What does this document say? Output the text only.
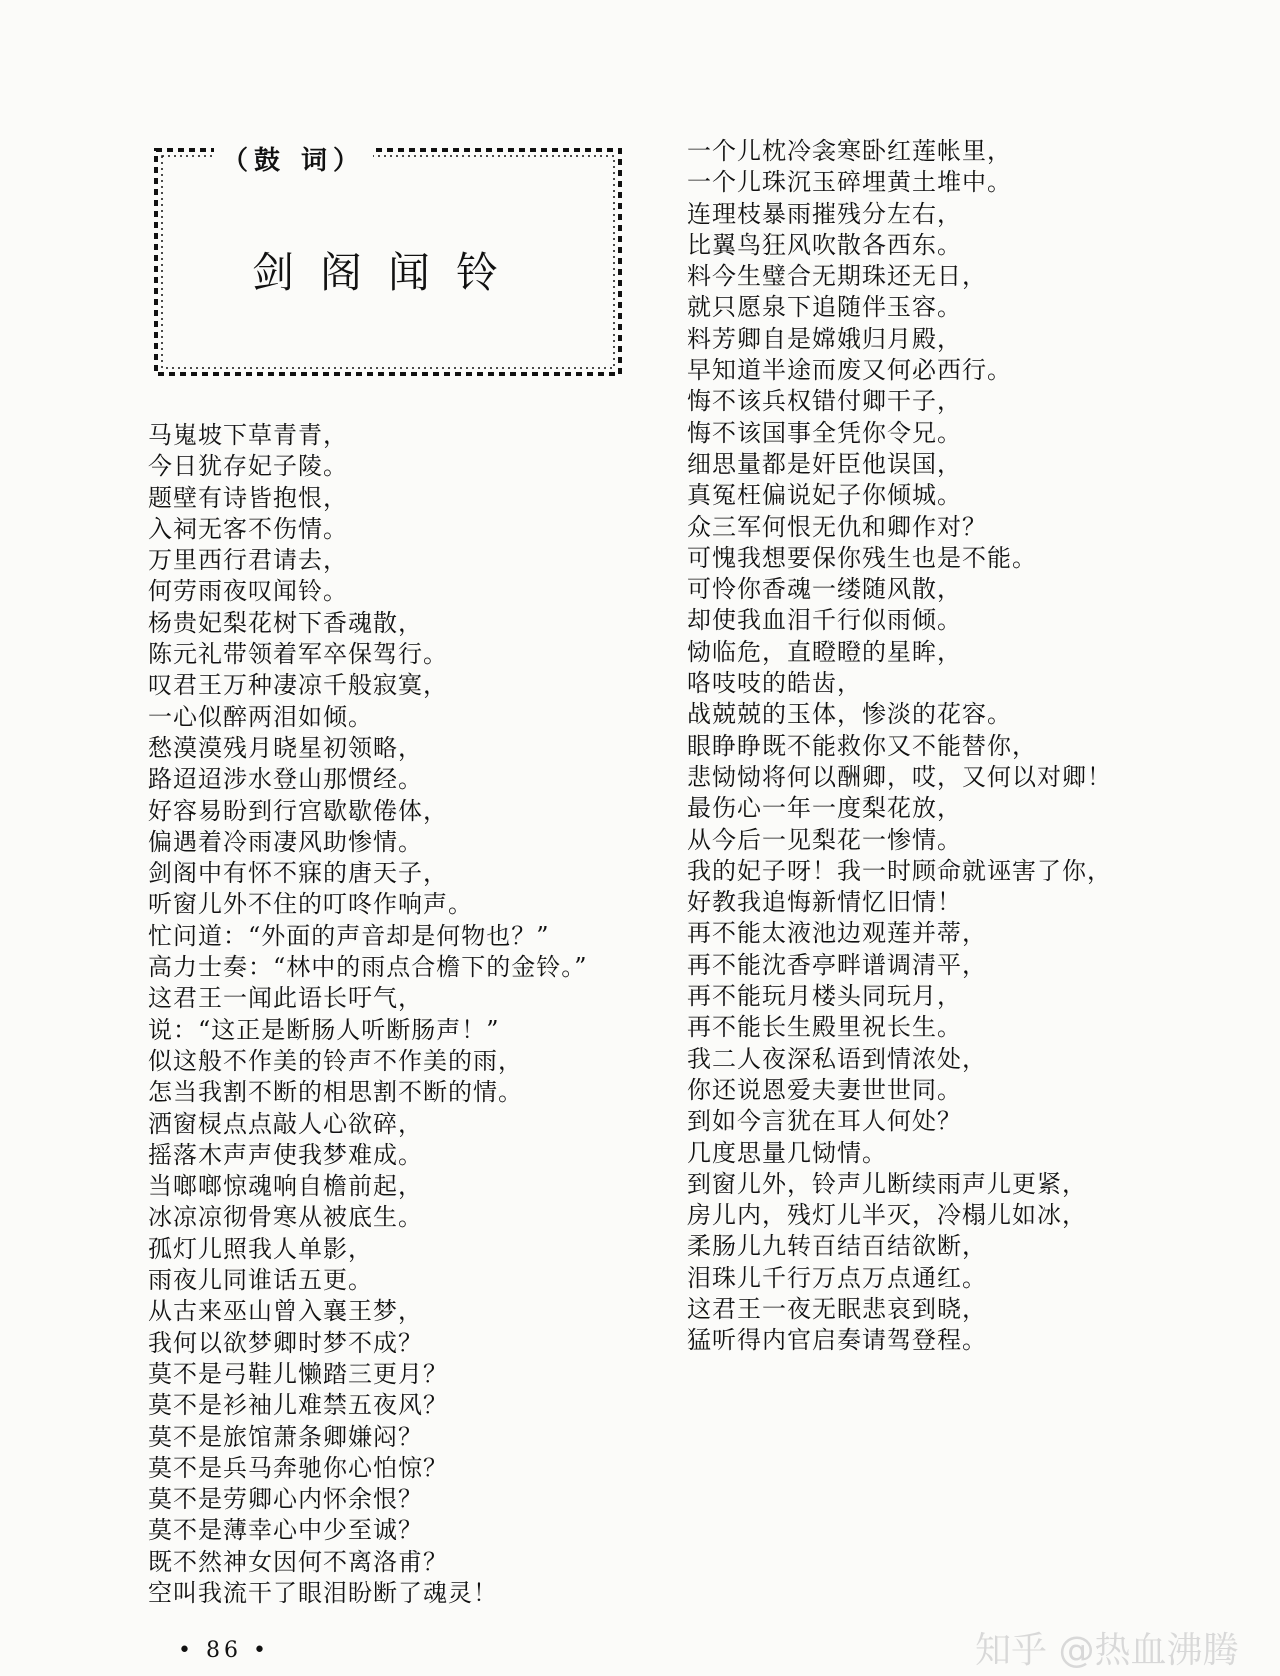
（鼓 词）
剑阁闻铃
马嵬坡下草青青，
今日犹存妃子陵。
题壁有诗皆抱恨，
入祠无客不伤情。
万里西行君请去，
何劳雨夜叹闻铃。
杨贵妃梨花树下香魂散，
陈元礼带领着军卒保驾行。
叹君王万种凄凉千般寂寞，
一心似醉两泪如倾。
愁漠漠残月晓星初领略，
路迢迢涉水登山那惯经。
好容易盼到行宫歇歇倦体，
偏遇着冷雨凄风助惨情。
剑阁中有怀不寐的唐天子，
听窗儿外不住的叮咚作响声。
忙问道：“外面的声音却是何物也？”
高力士奏：“林中的雨点合檐下的金铃。”
这君王一闻此语长吁气，
说：“这正是断肠人听断肠声！”
似这般不作美的铃声不作美的雨，
怎当我割不断的相思割不断的情。
洒窗棂点点敲人心欲碎，
摇落木声声使我梦难成。
当啷啷惊魂响自檐前起，
冰凉凉彻骨寒从被底生。
孤灯儿照我人单影，
雨夜儿同谁话五更。
从古来巫山曾入襄王梦，
我何以欲梦卿时梦不成？
莫不是弓鞋儿懒踏三更月？
莫不是衫袖儿难禁五夜风？
莫不是旅馆萧条卿嫌闷？
莫不是兵马奔驰你心怕惊？
莫不是劳卿心内怀余恨？
莫不是薄幸心中少至诚？
既不然神女因何不离洛甫？
空叫我流干了眼泪盼断了魂灵！
一个儿枕冷衾寒卧红莲帐里，
一个儿珠沉玉碎埋黄土堆中。
连理枝暴雨摧残分左右，
比翼鸟狂风吹散各西东。
料今生璧合无期珠还无日，
就只愿泉下追随伴玉容。
料芳卿自是嫦娥归月殿，
早知道半途而废又何必西行。
悔不该兵权错付卿干子，
悔不该国事全凭你令兄。
细思量都是奸臣他误国，
真冤枉偏说妃子你倾城。
众三军何恨无仇和卿作对？
可愧我想要保你残生也是不能。
可怜你香魂一缕随风散，
却使我血泪千行似雨倾。
恸临危，直瞪瞪的星眸，
咯吱吱的皓齿，
战兢兢的玉体，惨淡的花容。
眼睁睁既不能救你又不能替你，
悲恸恸将何以酬卿，哎，又何以对卿！
最伤心一年一度梨花放，
从今后一见梨花一惨情。
我的妃子呀！我一时顾命就诬害了你，
好教我追悔新情忆旧情！
再不能太液池边观莲并蒂，
再不能沈香亭畔谱调清平，
再不能玩月楼头同玩月，
再不能长生殿里祝长生。
我二人夜深私语到情浓处，
你还说恩爱夫妻世世同。
到如今言犹在耳人何处？
几度思量几恸情。
到窗儿外，铃声儿断续雨声儿更紧，
房儿内，残灯儿半灭，冷榻儿如冰，
柔肠儿九转百结百结欲断，
泪珠儿千行万点万点通红。
这君王一夜无眠悲哀到晓，
猛听得内官启奏请驾登程。
• 86 •	知乎 @热血沸腾
